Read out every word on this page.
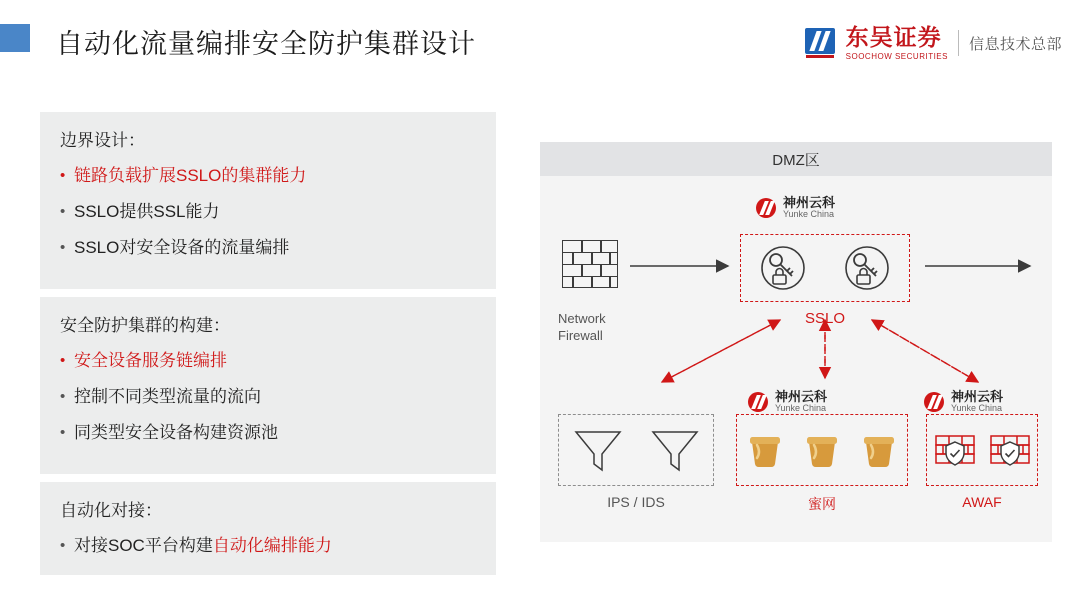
自动化流量编排安全防护集群设计	东吴证券
SOOCHOW SECURITIES
信息技术总部
边界设计：
• 链路负载扩展SSLO的集群能力
• SSLO提供SSL能力
• SSLO对安全设备的流量编排
安全防护集群的构建：
• 安全设备服务链编排
• 控制不同类型流量的流向
• 同类型安全设备构建资源池
自动化对接：
• 对接SOC平台构建自动化编排能力
DMZ区
Network
Firewall
神州云科
Yunke China
SSLO
IPS / IDS
神州云科
Yunke China
蜜网
神州云科
Yunke China
AWAF
